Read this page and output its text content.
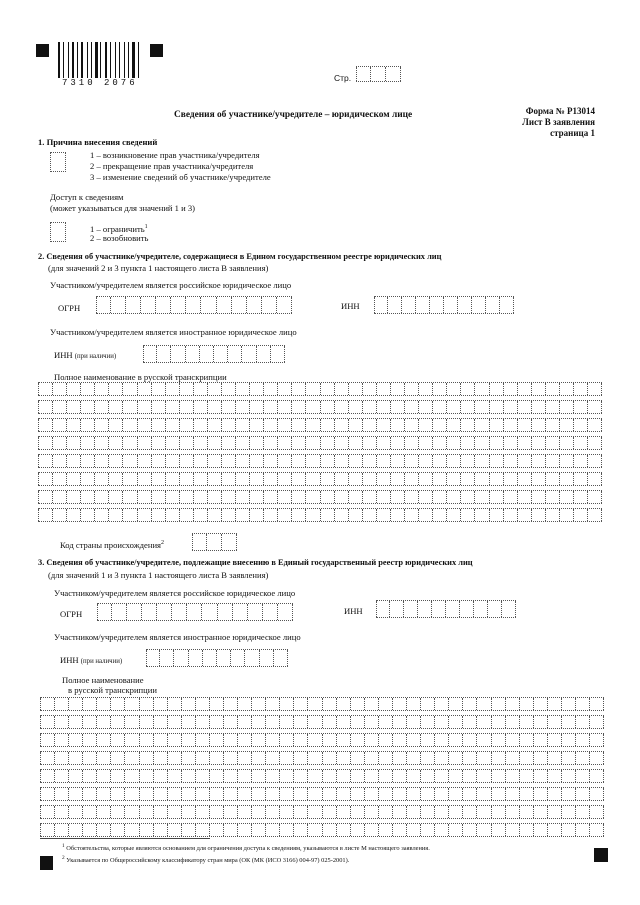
7310 2076	Стр.
Сведения об участнике/учредителе – юридическом лице	Форма № Р13014
Лист В заявления
страница 1
1. Причина внесения сведений
1 – возникновение прав участника/учредителя
2 – прекращение прав участника/учредителя
3 – изменение сведений об участнике/учредителе
Доступ к сведениям
(может указываться для значений 1 и 3)
1 – ограничить$^1$
2 – возобновить
2. Сведения об участнике/учредителе, содержащиеся в Едином государственном реестре юридических лиц
(для значений 2 и 3 пункта 1 настоящего листа В заявления)
Участником/учредителем является российское юридическое лицо
ОГРН	ИНН
Участником/учредителем является иностранное юридическое лицо
ИНН (при наличии)
Полное наименование в русской транскрипции
Код страны происхождения$^2$
3. Сведения об участнике/учредителе, подлежащие внесению в Единый государственный реестр юридических лиц
(для значений 1 и 3 пункта 1 настоящего листа В заявления)
Участником/учредителем является российское юридическое лицо
ОГРН	ИНН
Участником/учредителем является иностранное юридическое лицо
ИНН (при наличии)
Полное наименование
в русской транскрипции
$^1$ Обстоятельства, которые являются основанием для ограничения доступа к сведениям, указываются в листе М настоящего заявления.
$^2$ Указывается по Общероссийскому классификатору стран мира (ОК (МК (ИСО 3166) 004-97) 025-2001).
